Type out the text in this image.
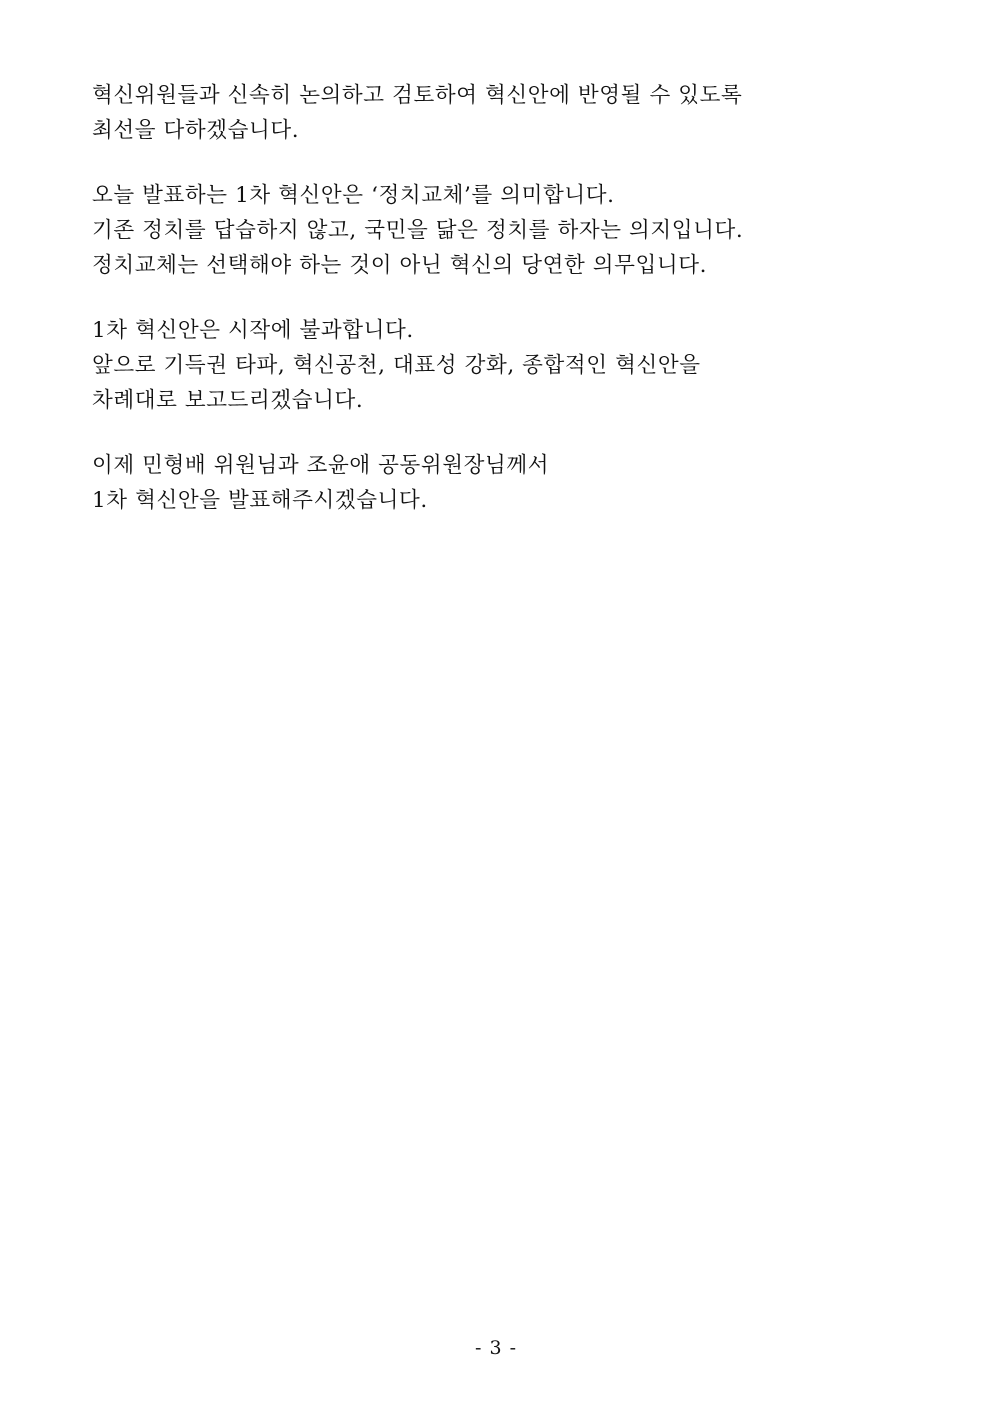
혁신위원들과 신속히 논의하고 검토하여 혁신안에 반영될 수 있도록
최선을 다하겠습니다.
오늘 발표하는 1차 혁신안은 ‘정치교체’를 의미합니다.
기존 정치를 답습하지 않고, 국민을 닮은 정치를 하자는 의지입니다.
정치교체는 선택해야 하는 것이 아닌 혁신의 당연한 의무입니다.
1차 혁신안은 시작에 불과합니다.
앞으로 기득권 타파, 혁신공천, 대표성 강화, 종합적인 혁신안을
차례대로 보고드리겠습니다.
이제 민형배 위원님과 조윤애 공동위원장님께서
1차 혁신안을 발표해주시겠습니다.
- 3 -
